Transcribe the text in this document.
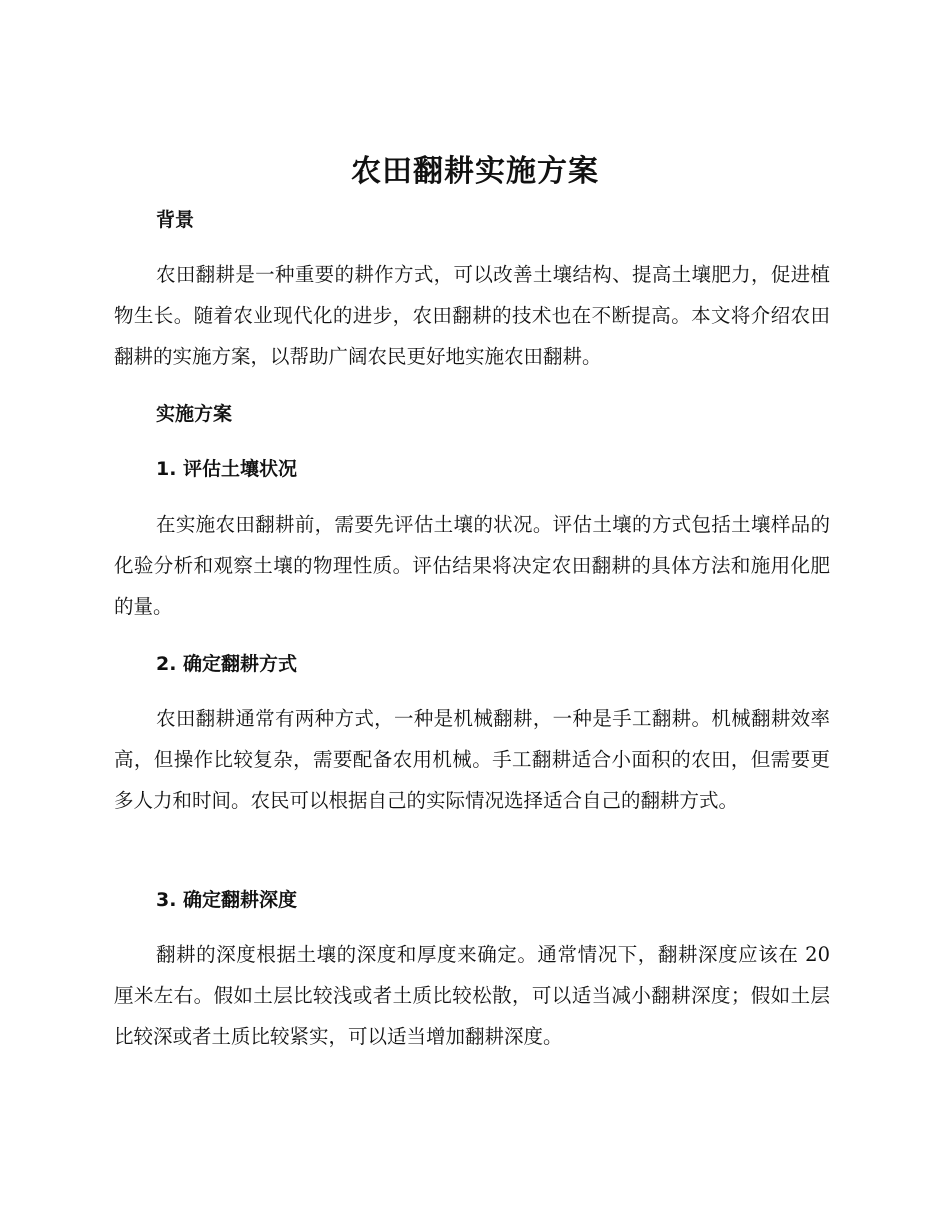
农田翻耕实施方案
背景

农田翻耕是一种重要的耕作方式，可以改善土壤结构、提高土壤肥力，促进植物生长。随着农业现代化的进步，农田翻耕的技术也在不断提高。本文将介绍农田翻耕的实施方案，以帮助广阔农民更好地实施农田翻耕。

实施方案
1. 评估土壤状况

在实施农田翻耕前，需要先评估土壤的状况。评估土壤的方式包括土壤样品的化验分析和观察土壤的物理性质。评估结果将决定农田翻耕的具体方法和施用化肥的量。

2. 确定翻耕方式

农田翻耕通常有两种方式，一种是机械翻耕，一种是手工翻耕。机械翻耕效率高，但操作比较复杂，需要配备农用机械。手工翻耕适合小面积的农田，但需要更多人力和时间。农民可以根据自己的实际情况选择适合自己的翻耕方式。

3. 确定翻耕深度

翻耕的深度根据土壤的深度和厚度来确定。通常情况下，翻耕深度应该在 20 厘米左右。假如土层比较浅或者土质比较松散，可以适当减小翻耕深度；假如土层比较深或者土质比较紧实，可以适当增加翻耕深度。
